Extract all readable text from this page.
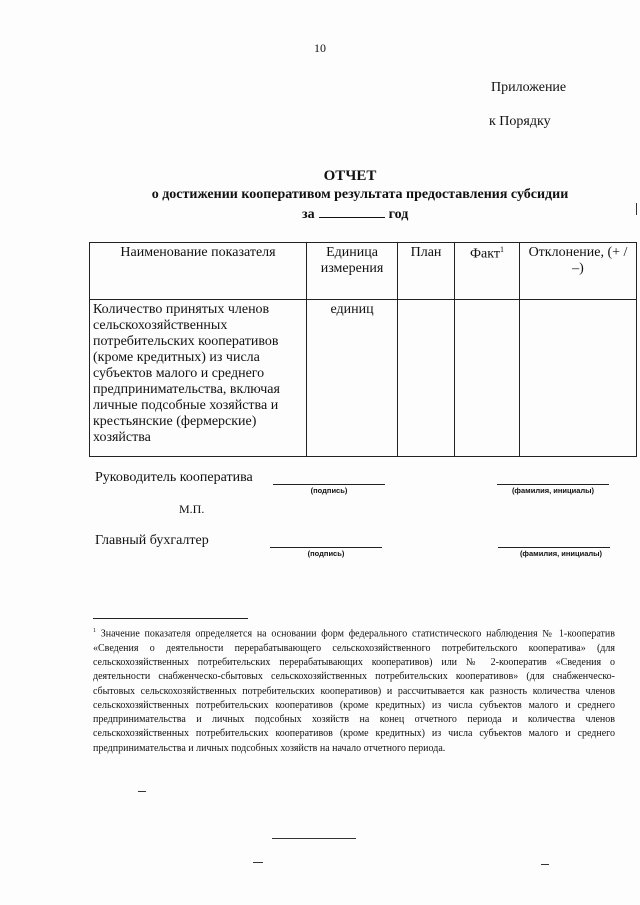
10
Приложение
к Порядку
ОТЧЕТ
о достижении кооперативом результата предоставления субсидии
за	год
Наименование показателя	Единица измерения	План	Факт$^1$	Отклонение, (+ / –)
Количество принятых членов сельскохозяйственных потребительских кооперативов (кроме кредитных) из числа субъектов малого и среднего предпринимательства, включая личные подсобные хозяйства и крестьянские (фермерские) хозяйства	единиц			
Руководитель кооператива
(подпись)	(фамилия, инициалы)
М.П.
Главный бухгалтер
(подпись)	(фамилия, инициалы)
$^1$ Значение показателя определяется на основании форм федерального статистического наблюдения № 1-кооператив «Сведения о деятельности перерабатывающего сельскохозяйственного потребительского кооператива» (для сельскохозяйственных потребительских перерабатывающих кооперативов) или № 2-кооператив «Сведения о деятельности снабженческо-сбытовых сельскохозяйственных потребительских кооперативов» (для снабженческо-сбытовых сельскохозяйственных потребительских кооперативов) и рассчитывается как разность количества членов сельскохозяйственных потребительских кооперативов (кроме кредитных) из числа субъектов малого и среднего предпринимательства и личных подсобных хозяйств на конец отчетного периода и количества членов сельскохозяйственных потребительских кооперативов (кроме кредитных) из числа субъектов малого и среднего предпринимательства и личных подсобных хозяйств на начало отчетного периода.
